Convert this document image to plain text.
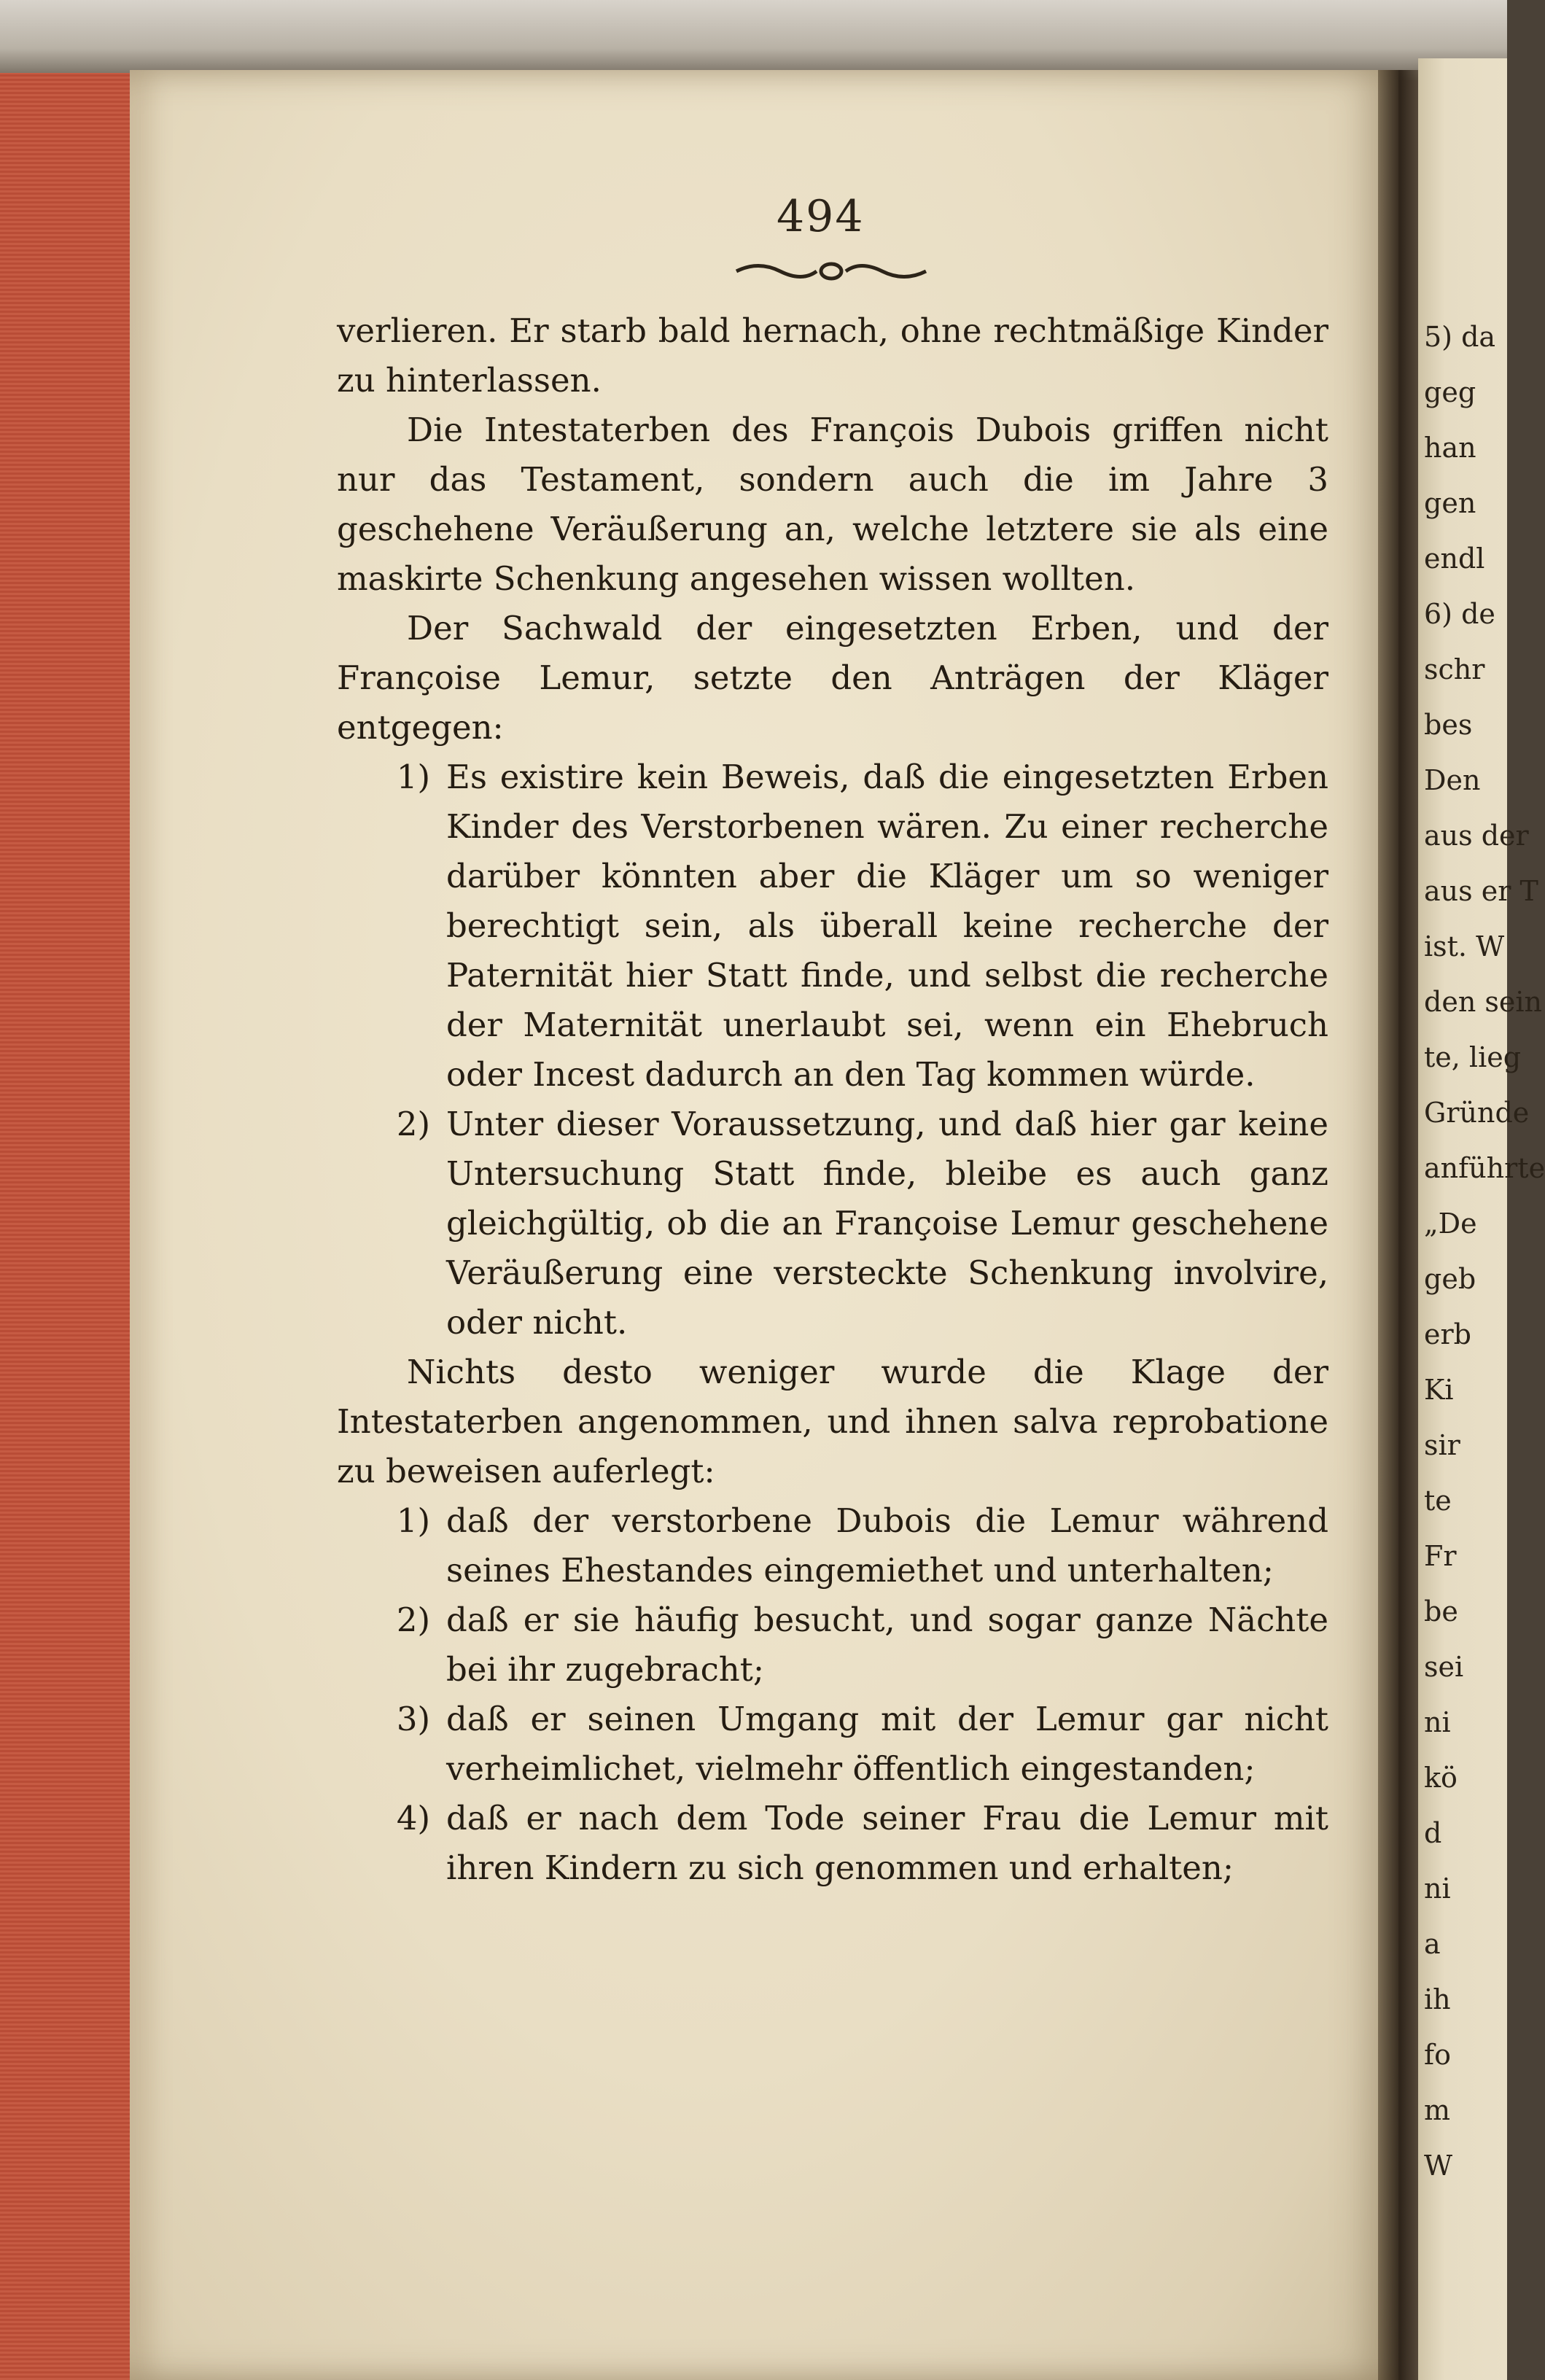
494

verlieren. Er starb bald hernach, ohne rechtmäßige Kinder zu hinterlassen.

Die Intestaterben des François Dubois griffen nicht nur das Testament, sondern auch die im Jahre 3 geschehene Veräußerung an, welche letztere sie als eine maskirte Schenkung angesehen wissen wollten.

Der Sachwald der eingesetzten Erben, und der Françoise Lemur, setzte den Anträgen der Kläger entgegen:

1) Es existire kein Beweis, daß die eingesetzten Erben Kinder des Verstorbenen wären. Zu einer recherche darüber könnten aber die Kläger um so weniger berechtigt sein, als überall keine recherche der Paternität hier Statt finde, und selbst die recherche der Maternität unerlaubt sei, wenn ein Ehebruch oder Incest dadurch an den Tag kommen würde.
2) Unter dieser Voraussetzung, und daß hier gar keine Untersuchung Statt finde, bleibe es auch ganz gleichgültig, ob die an Françoise Lemur geschehene Veräußerung eine versteckte Schenkung involvire, oder nicht.

Nichts desto weniger wurde die Klage der Intestaterben angenommen, und ihnen salva reprobatione zu beweisen auferlegt:

1) daß der verstorbene Dubois die Lemur während seines Ehestandes eingemiethet und unterhalten;
2) daß er sie häufig besucht, und sogar ganze Nächte bei ihr zugebracht;
3) daß er seinen Umgang mit der Lemur gar nicht verheimlichet, vielmehr öffentlich eingestanden;
4) daß er nach dem Tode seiner Frau die Lemur mit ihren Kindern zu sich genommen und erhalten;
5) da
geg
han
gen
endl
6) de
schr
bes
Den
aus der
aus er T
ist. W
den sein
te, lieg
Gründe
anführte
„De
geb
erb
Ki
sir
te
Fr
be
sei
ni
kö
d
ni
a
ih
fo
m
W
